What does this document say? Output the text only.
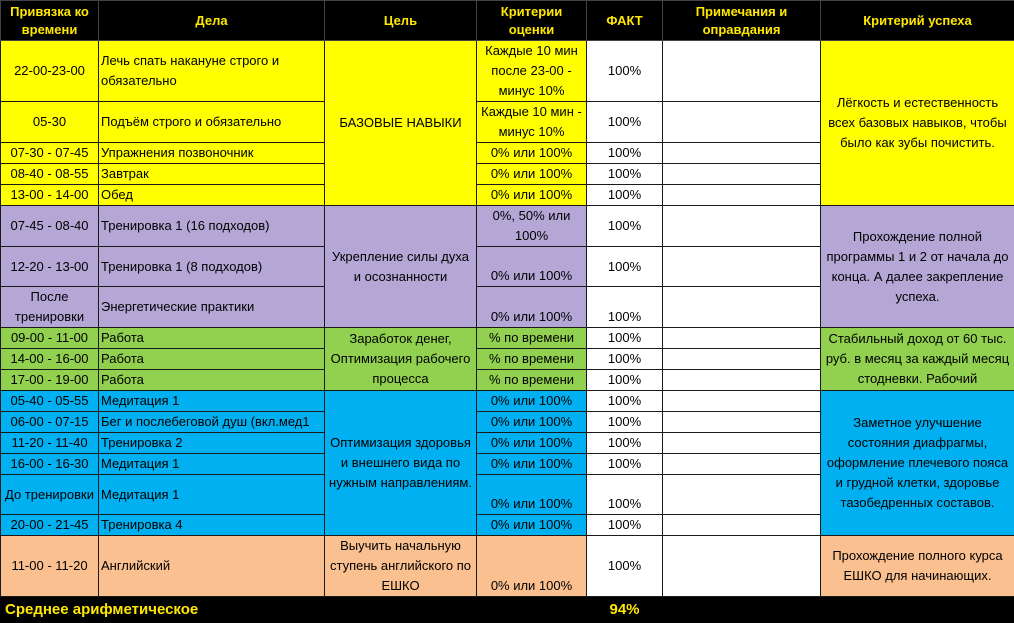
Привязка ко времени	Дела	Цель	Критерии оценки	ФАКТ	Примечания и оправдания	Критерий успеха
22-00-23-00	Лечь спать накануне строго и обязательно	БАЗОВЫЕ НАВЫКИ	Каждые 10 мин после 23-00 - минус 10%	100%		Лёгкость и естественность всех базовых навыков, чтобы было как зубы почистить.

05-30	Подъём строго и обязательно		Каждые 10 мин - минус 10%	100%		
07-30 - 07-45	Упражнения позвоночник		0% или 100%	100%		
08-40 - 08-55	Завтрак		0% или 100%	100%		
13-00 - 14-00	Обед		0% или 100%	100%		
07-45 - 08-40	Тренировка 1 (16 подходов)	Укрепление силы духа и осознанности	0%, 50% или 100%	100%		Прохождение полной программы 1 и 2 от начала до конца. А далее закрепление успеха.

12-20 - 13-00	Тренировка 1 (8 подходов)		0% или 100%	100%		
После тренировки	Энергетические практики		0% или 100%	100%		
09-00 - 11-00	Работа	Заработок денег, Оптимизация рабочего процесса	% по времени	100%		Стабильный доход от 60 тыс. руб. в месяц за каждый месяц стодневки. Рабочий

14-00 - 16-00	Работа		% по времени	100%		
17-00 - 19-00	Работа		% по времени	100%		
05-40 - 05-55	Медитация 1	Оптимизация здоровья и внешнего вида по нужным направлениям.	0% или 100%	100%		Заметное улучшение состояния диафрагмы, оформление плечевого пояса и грудной клетки, здоровье тазобедренных составов.

06-00 - 07-15	Бег и послебеговой душ (вкл.мед1		0% или 100%	100%		
11-20 - 11-40	Тренировка 2		0% или 100%	100%		
16-00 - 16-30	Медитация 1		0% или 100%	100%		
До тренировки	Медитация 1		0% или 100%	100%		
20-00 - 21-45	Тренировка 4		0% или 100%	100%		
11-00 - 11-20	Английский	Выучить начальную ступень английского по ЕШКО	0% или 100%	100%		Прохождение полного курса ЕШКО для начинающих.

Среднее арифметическое				94%		
